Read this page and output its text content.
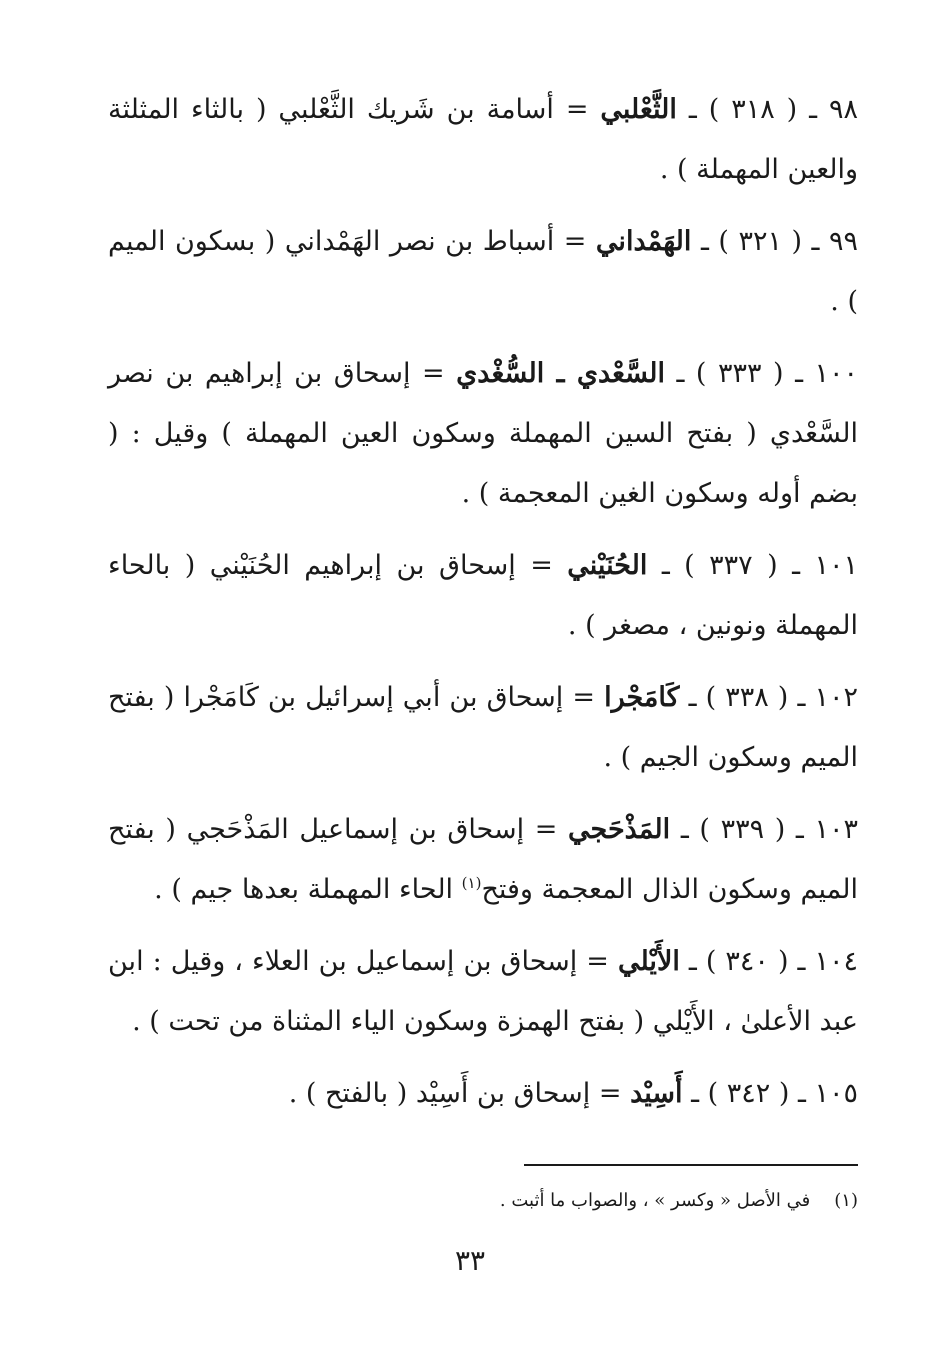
٩٨ ـ ( ٣١٨ ) ـ الثَّعْلبي = أسامة بن شَريك الثَّعْلبي ( بالثاء المثلثة والعين المهملة ) .

٩٩ ـ ( ٣٢١ ) ـ الهَمْداني = أسباط بن نصر الهَمْداني ( بسكون الميم ) .

١٠٠ ـ ( ٣٣٣ ) ـ السَّعْدي ـ السُّغْدي = إسحاق بن إبراهيم بن نصر السَّعْدي ( بفتح السين المهملة وسكون العين المهملة ) وقيل : ( بضم أوله وسكون الغين المعجمة ) .

١٠١ ـ ( ٣٣٧ ) ـ الحُنَيْني = إسحاق بن إبراهيم الحُنَيْني ( بالحاء المهملة ونونين ، مصغر ) .

١٠٢ ـ ( ٣٣٨ ) ـ كَامَجْرا = إسحاق بن أبي إسرائيل بن كَامَجْرا ( بفتح الميم وسكون الجيم ) .

١٠٣ ـ ( ٣٣٩ ) ـ المَذْحَجي = إسحاق بن إسماعيل المَذْحَجي ( بفتح الميم وسكون الذال المعجمة وفتح$^{(١)}$ الحاء المهملة بعدها جيم ) .

١٠٤ ـ ( ٣٤٠ ) ـ الأَيْلي = إسحاق بن إسماعيل بن العلاء ، وقيل : ابن عبد الأعلىٰ ، الأَيْلي ( بفتح الهمزة وسكون الياء المثناة من تحت ) .

١٠٥ ـ ( ٣٤٢ ) ـ أَسِيْد = إسحاق بن أَسِيْد ( بالفتح ) .

(١)في الأصل « وكسر » ، والصواب ما أثبت .
٣٣
